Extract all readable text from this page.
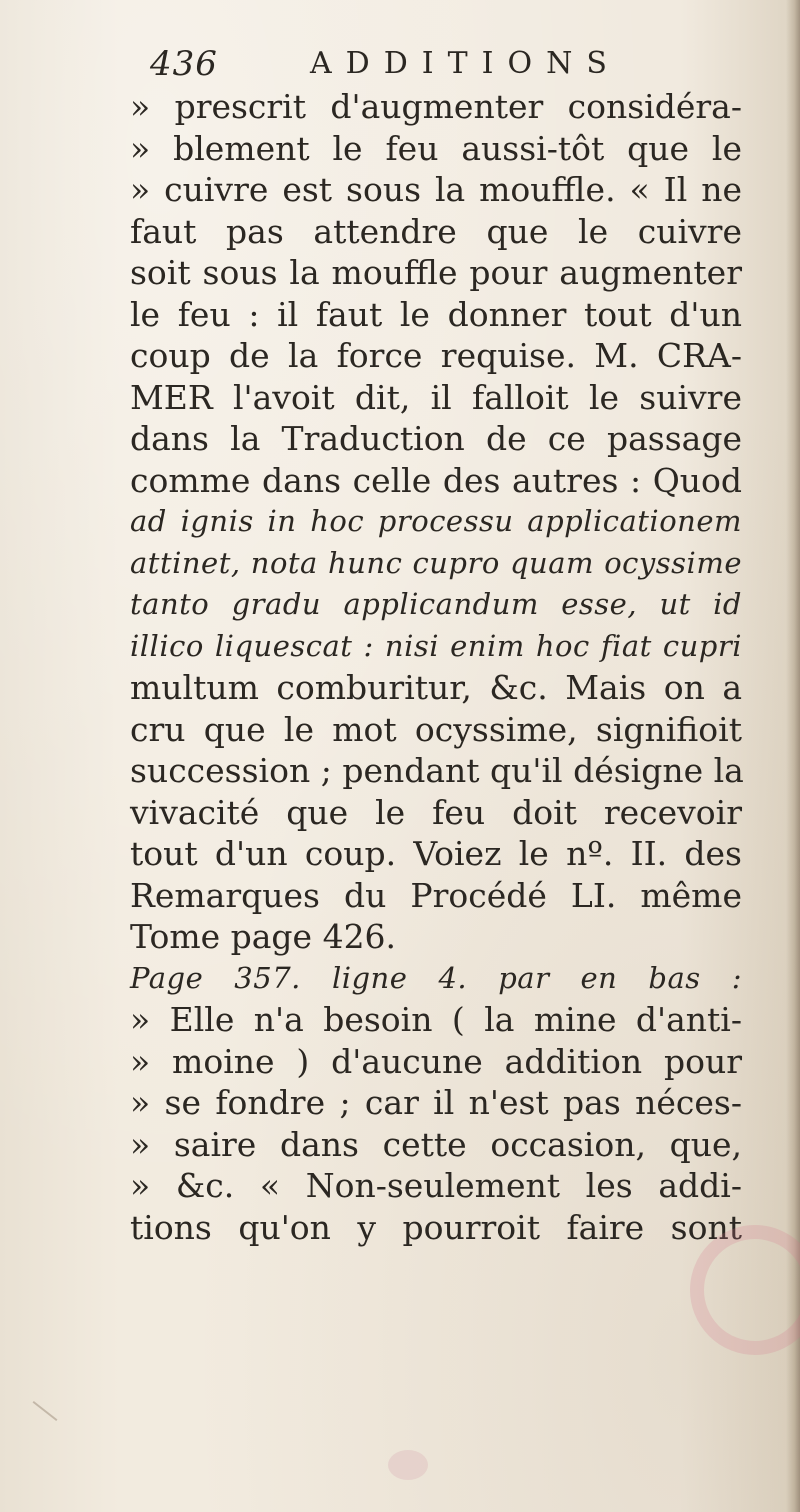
436	ADDITIONS
» prescrit d'augmenter considéra-
» blement le feu aussi-tôt que le
» cuivre est sous la mouffle. « Il ne
faut pas attendre que le cuivre
soit sous la mouffle pour augmenter
le feu : il faut le donner tout d'un
coup de la force requise. M. CRA-
MER l'avoit dit, il falloit le suivre
dans la Traduction de ce passage
comme dans celle des autres : Quod
ad ignis in hoc processu applicationem
attinet, nota hunc cupro quam ocyssime
tanto gradu applicandum esse, ut id
illico liquescat : nisi enim hoc fiat cupri
multum comburitur, &c. Mais on a
cru que le mot ocyssime, signifioit
succession ; pendant qu'il désigne la
vivacité que le feu doit recevoir
tout d'un coup. Voiez le nº. II. des
Remarques du Procédé LI. même
Tome page 426.
Page 357. ligne 4. par en bas :
» Elle n'a besoin ( la mine d'anti-
» moine ) d'aucune addition pour
» se fondre ; car il n'est pas néces-
» saire dans cette occasion, que,
» &c. « Non-seulement les addi-
tions qu'on y pourroit faire sont
